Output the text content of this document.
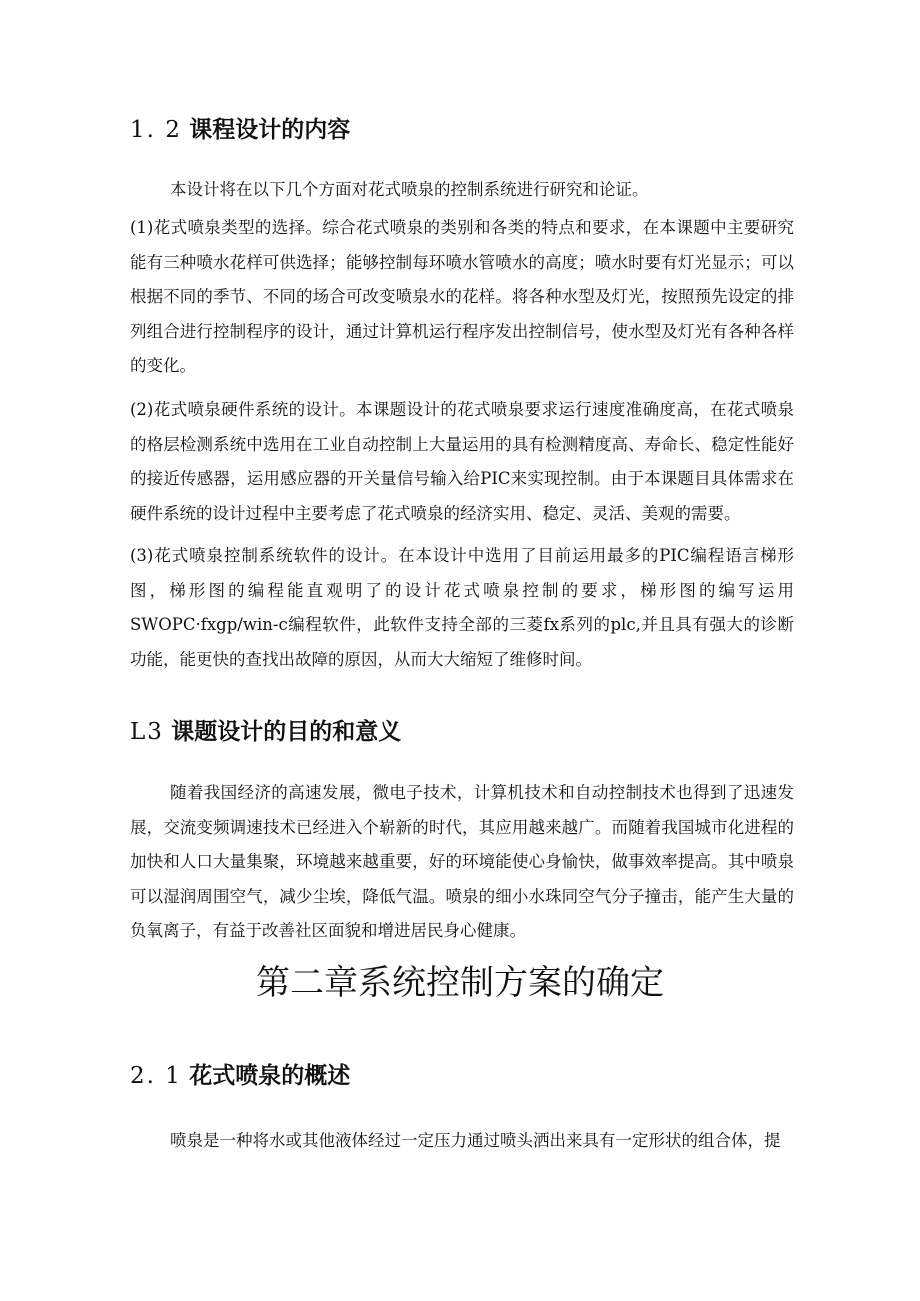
1. 2 课程设计的内容
本设计将在以下几个方面对花式喷泉的控制系统进行研究和论证。
(1)花式喷泉类型的选择。综合花式喷泉的类别和各类的特点和要求，在本课题中主要研究能有三种喷水花样可供选择；能够控制每环喷水管喷水的高度；喷水时要有灯光显示；可以根据不同的季节、不同的场合可改变喷泉水的花样。将各种水型及灯光，按照预先设定的排列组合进行控制程序的设计，通过计算机运行程序发出控制信号，使水型及灯光有各种各样的变化。
(2)花式喷泉硬件系统的设计。本课题设计的花式喷泉要求运行速度准确度高，在花式喷泉的格层检测系统中选用在工业自动控制上大量运用的具有检测精度高、寿命长、稳定性能好的接近传感器，运用感应器的开关量信号输入给PIC来实现控制。由于本课题目具体需求在硬件系统的设计过程中主要考虑了花式喷泉的经济实用、稳定、灵活、美观的需要。
(3)花式喷泉控制系统软件的设计。在本设计中选用了目前运用最多的PIC编程语言梯形图，梯形图的编程能直观明了的设计花式喷泉控制的要求，梯形图的编写运用SWOPC·fxgp/win-c编程软件，此软件支持全部的三菱fx系列的plc,并且具有强大的诊断功能，能更快的查找出故障的原因，从而大大缩短了维修时间。
L3 课题设计的目的和意义
随着我国经济的高速发展，微电子技术，计算机技术和自动控制技术也得到了迅速发展，交流变频调速技术已经进入个崭新的时代，其应用越来越广。而随着我国城市化进程的加快和人口大量集聚，环境越来越重要，好的环境能使心身愉快，做事效率提高。其中喷泉可以湿润周围空气，减少尘埃，降低气温。喷泉的细小水珠同空气分子撞击，能产生大量的负氧离子，有益于改善社区面貌和增进居民身心健康。
第二章系统控制方案的确定
2. 1 花式喷泉的概述
喷泉是一种将水或其他液体经过一定压力通过喷头洒出来具有一定形状的组合体，提
